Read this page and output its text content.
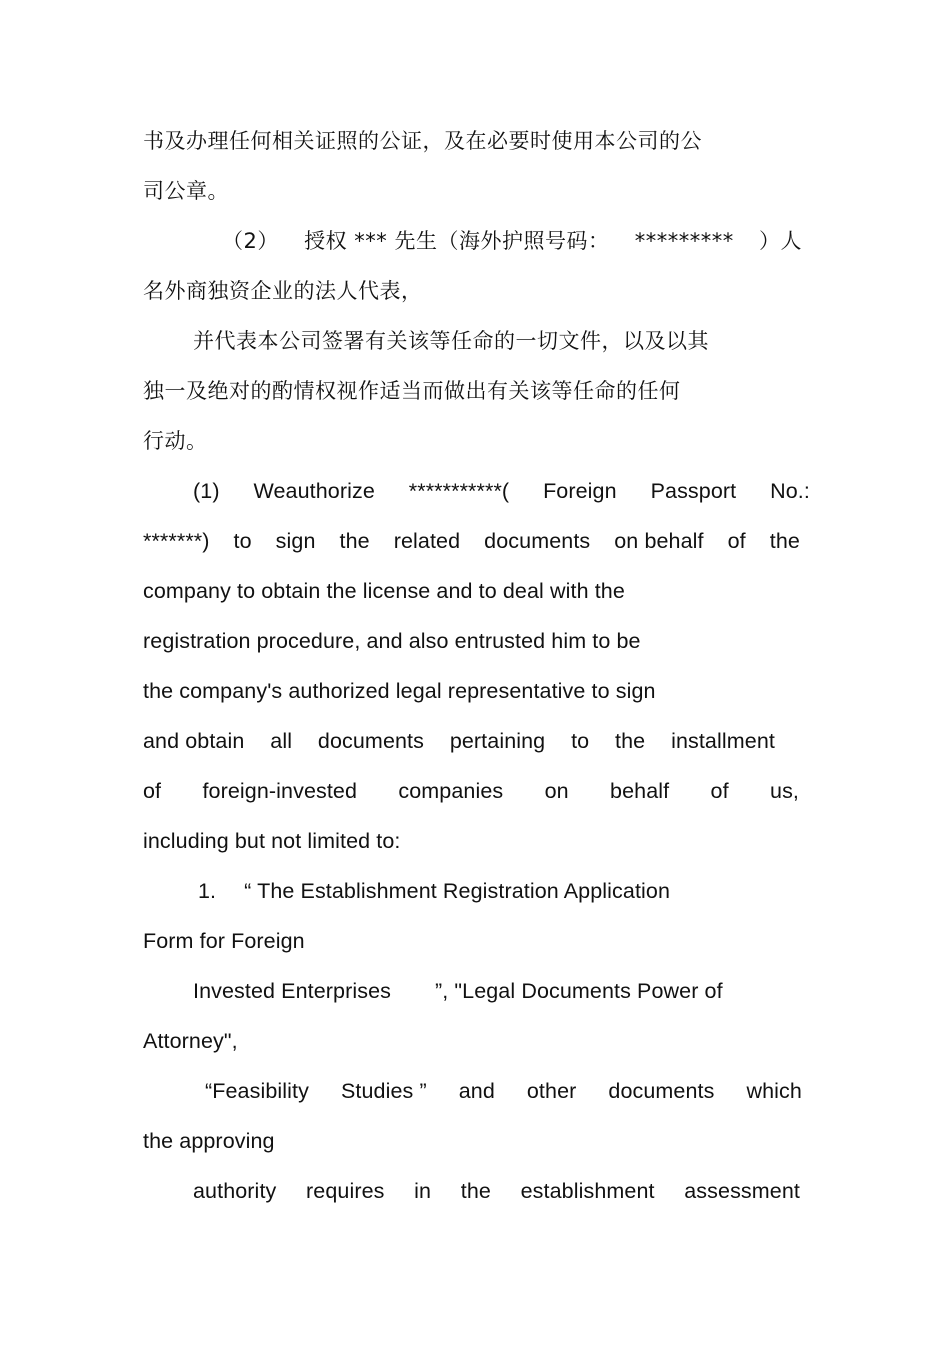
书及办理任何相关证照的公证，及在必要时使用本公司的公
司公章。
（2） 授权 *** 先生（海外护照号码： ********* ）人
名外商独资企业的法人代表，
并代表本公司签署有关该等任命的一切文件，以及以其
独一及绝对的酌情权视作适当而做出有关该等任命的任何
行动。
(1) Weauthorize ***********( Foreign Passport No.:
*******) to sign the related documents on behalf of the
company to obtain the license and to deal with the
registration procedure, and also entrusted him to be
the company's authorized legal representative to sign
and obtain all documents pertaining to the installment
of foreign-invested companies on behalf of us,
including but not limited to:
1. “ The Establishment Registration Application
Form for Foreign
Invested Enterprises ”, "Legal Documents Power of
Attorney",
“Feasibility Studies ” and other documents which
the approving
authority requires in the establishment assessment
